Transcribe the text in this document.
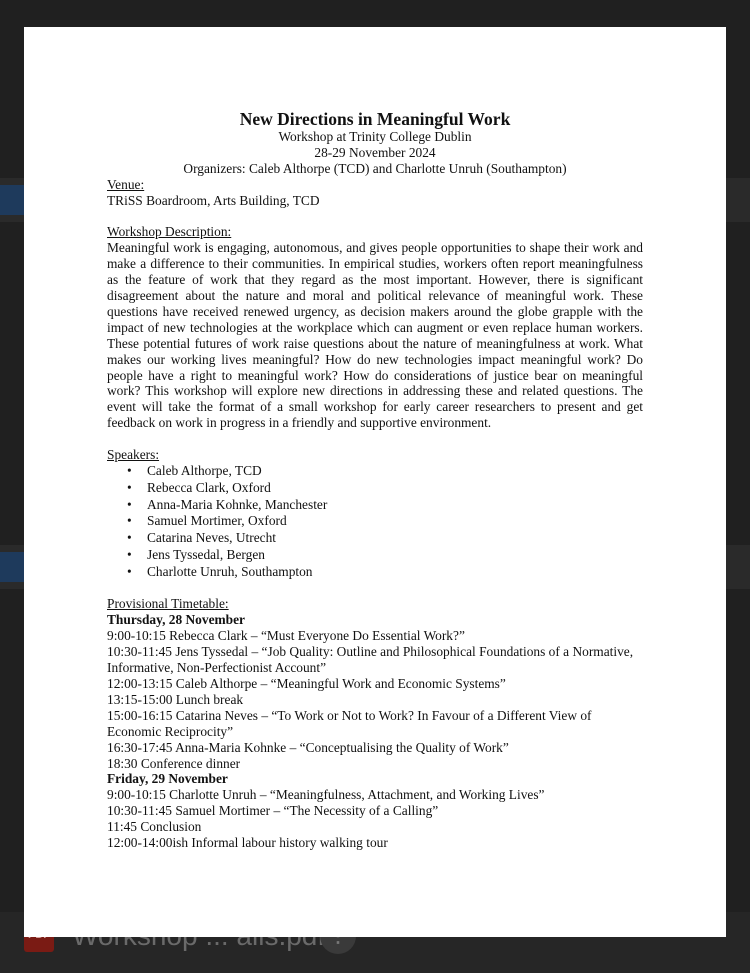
New Directions in Meaningful Work
Workshop at Trinity College Dublin
28-29 November 2024
Organizers: Caleb Althorpe (TCD) and Charlotte Unruh (Southampton)
Venue:
TRiSS Boardroom, Arts Building, TCD
Workshop Description:
Meaningful work is engaging, autonomous, and gives people opportunities to shape their work and make a difference to their communities. In empirical studies, workers often report meaningfulness as the feature of work that they regard as the most important. However, there is significant disagreement about the nature and moral and political relevance of meaningful work. These questions have received renewed urgency, as decision makers around the globe grapple with the impact of new technologies at the workplace which can augment or even replace human workers. These potential futures of work raise questions about the nature of meaningfulness at work. What makes our working lives meaningful? How do new technologies impact meaningful work? Do people have a right to meaningful work? How do considerations of justice bear on meaningful work? This workshop will explore new directions in addressing these and related questions. The event will take the format of a small workshop for early career researchers to present and get feedback on work in progress in a friendly and supportive environment.
Speakers:
• Caleb Althorpe, TCD
• Rebecca Clark, Oxford
• Anna-Maria Kohnke, Manchester
• Samuel Mortimer, Oxford
• Catarina Neves, Utrecht
• Jens Tyssedal, Bergen
• Charlotte Unruh, Southampton
Provisional Timetable:
Thursday, 28 November
9:00-10:15 Rebecca Clark – “Must Everyone Do Essential Work?”
10:30-11:45 Jens Tyssedal – “Job Quality: Outline and Philosophical Foundations of a Normative, Informative, Non-Perfectionist Account”
12:00-13:15 Caleb Althorpe – “Meaningful Work and Economic Systems”
13:15-15:00 Lunch break
15:00-16:15 Catarina Neves – “To Work or Not to Work? In Favour of a Different View of Economic Reciprocity”
16:30-17:45 Anna-Maria Kohnke – “Conceptualising the Quality of Work”
18:30 Conference dinner
Friday, 29 November
9:00-10:15 Charlotte Unruh – “Meaningfulness, Attachment, and Working Lives”
10:30-11:45 Samuel Mortimer – “The Necessity of a Calling”
11:45 Conclusion
12:00-14:00ish Informal labour history walking tour
